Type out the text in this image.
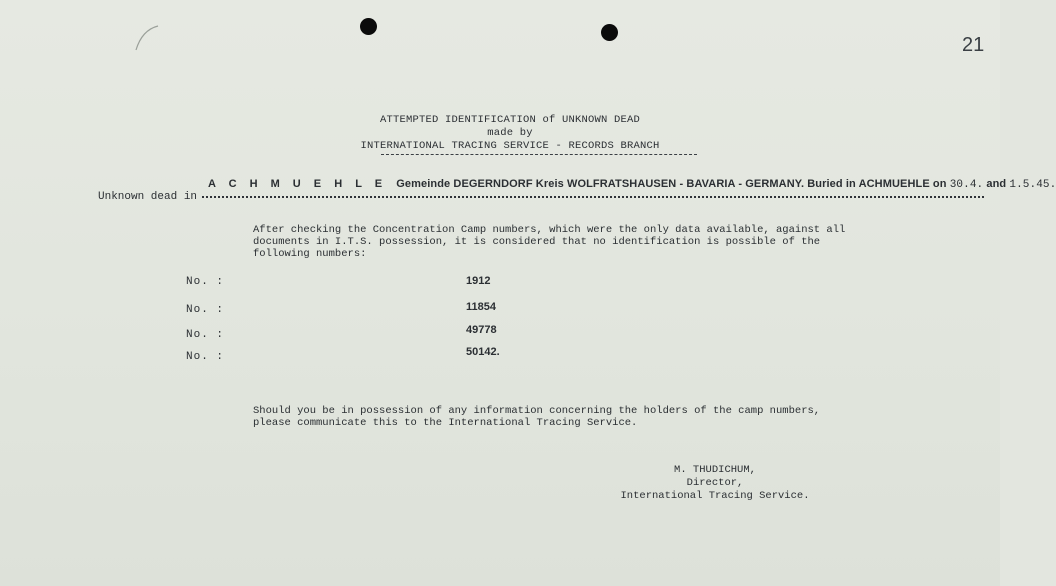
21
ATTEMPTED IDENTIFICATION of UNKNOWN DEAD
made by
INTERNATIONAL TRACING SERVICE - RECORDS BRANCH
Unknown dead in
A C H M U E H L E Gemeinde DEGERNDORF Kreis WOLFRATSHAUSEN - BAVARIA - GERMANY. Buried in ACHMUEHLE on 30.4. and 1.5.45.
After checking the Concentration Camp numbers, which were the only data available, against all
documents in I.T.S. possession, it is considered that no identification is possible of the
following numbers:
No. :	1912
No. :	11854
No. :	49778
No. :	50142.
Should you be in possession of any information concerning the holders of the camp numbers,
please communicate this to the International Tracing Service.
M. THUDICHUM,
Director,
International Tracing Service.
